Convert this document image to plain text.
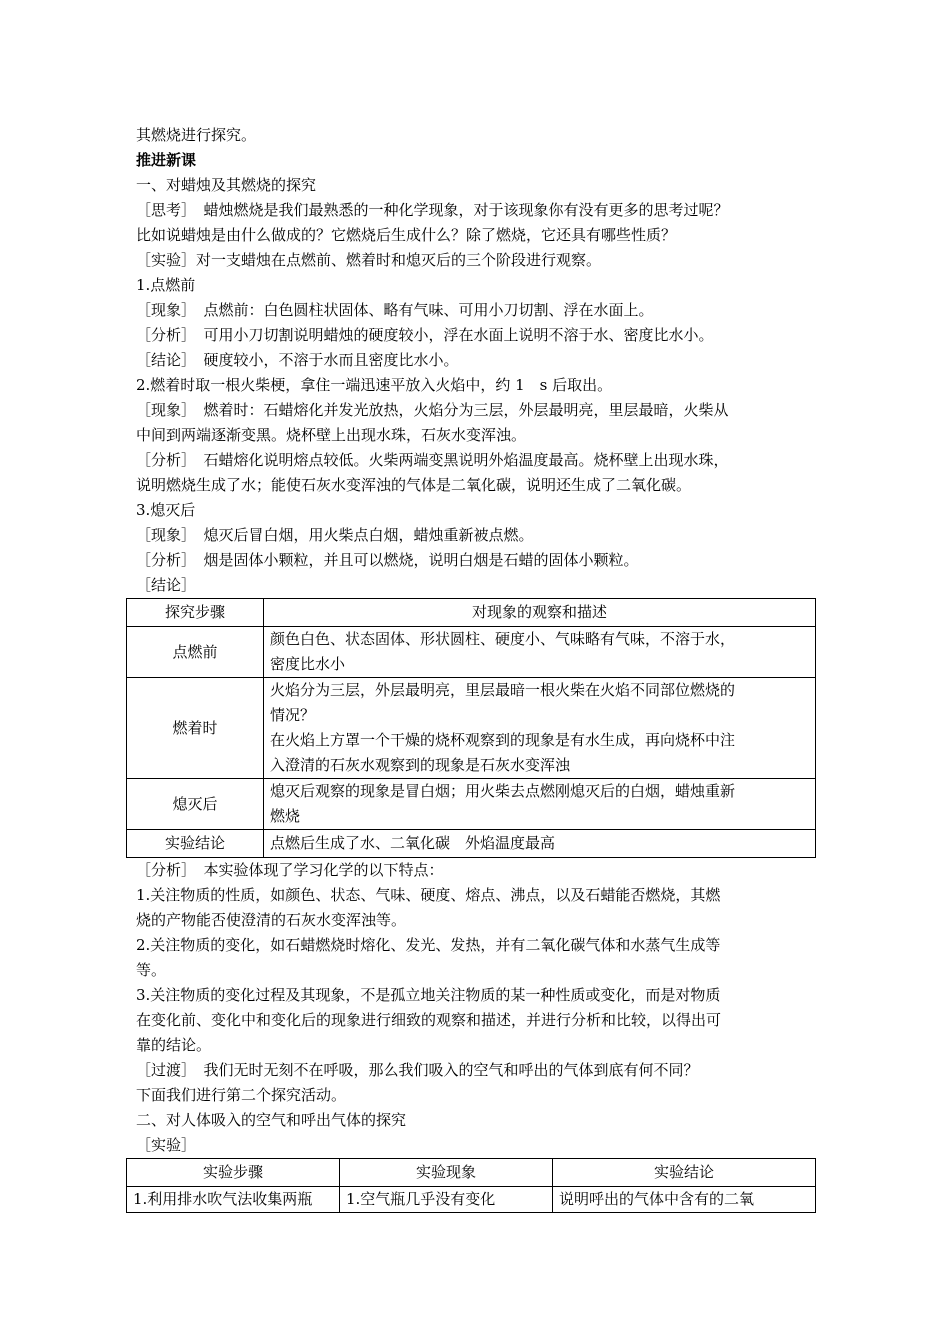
其燃烧进行探究。

推进新课

一、对蜡烛及其燃烧的探究

［思考］　蜡烛燃烧是我们最熟悉的一种化学现象，对于该现象你有没有更多的思考过呢？

比如说蜡烛是由什么做成的？它燃烧后生成什么？除了燃烧，它还具有哪些性质？

［实验］对一支蜡烛在点燃前、燃着时和熄灭后的三个阶段进行观察。

1.点燃前

［现象］　点燃前：白色圆柱状固体、略有气味、可用小刀切割、浮在水面上。

［分析］　可用小刀切割说明蜡烛的硬度较小，浮在水面上说明不溶于水、密度比水小。

［结论］　硬度较小，不溶于水而且密度比水小。

2.燃着时取一根火柴梗，拿住一端迅速平放入火焰中，约 1　s 后取出。

［现象］　燃着时：石蜡熔化并发光放热，火焰分为三层，外层最明亮，里层最暗，火柴从

中间到两端逐渐变黑。烧杯壁上出现水珠，石灰水变浑浊。

［分析］　石蜡熔化说明熔点较低。火柴两端变黑说明外焰温度最高。烧杯壁上出现水珠，

说明燃烧生成了水；能使石灰水变浑浊的气体是二氧化碳，说明还生成了二氧化碳。

3.熄灭后

［现象］　熄灭后冒白烟，用火柴点白烟，蜡烛重新被点燃。

［分析］　烟是固体小颗粒，并且可以燃烧，说明白烟是石蜡的固体小颗粒。

［结论］

探究步骤	对现象的观察和描述
点燃前	颜色白色、状态固体、形状圆柱、硬度小、气味略有气味，不溶于水，
密度比水小

燃着时	火焰分为三层，外层最明亮，里层最暗一根火柴在火焰不同部位燃烧的
情况？
在火焰上方罩一个干燥的烧杯观察到的现象是有水生成，再向烧杯中注
入澄清的石灰水观察到的现象是石灰水变浑浊

熄灭后	熄灭后观察的现象是冒白烟；用火柴去点燃刚熄灭后的白烟，蜡烛重新
燃烧

实验结论	点燃后生成了水、二氧化碳　外焰温度最高

［分析］　本实验体现了学习化学的以下特点：

1.关注物质的性质，如颜色、状态、气味、硬度、熔点、沸点，以及石蜡能否燃烧，其燃

烧的产物能否使澄清的石灰水变浑浊等。

2.关注物质的变化，如石蜡燃烧时熔化、发光、发热，并有二氧化碳气体和水蒸气生成等

等。

3.关注物质的变化过程及其现象，不是孤立地关注物质的某一种性质或变化，而是对物质

在变化前、变化中和变化后的现象进行细致的观察和描述，并进行分析和比较，以得出可

靠的结论。

［过渡］　我们无时无刻不在呼吸，那么我们吸入的空气和呼出的气体到底有何不同？

下面我们进行第二个探究活动。

二、对人体吸入的空气和呼出气体的探究

［实验］

实验步骤	实验现象	实验结论
1.利用排水吹气法收集两瓶	1.空气瓶几乎没有变化	说明呼出的气体中含有的二氧
